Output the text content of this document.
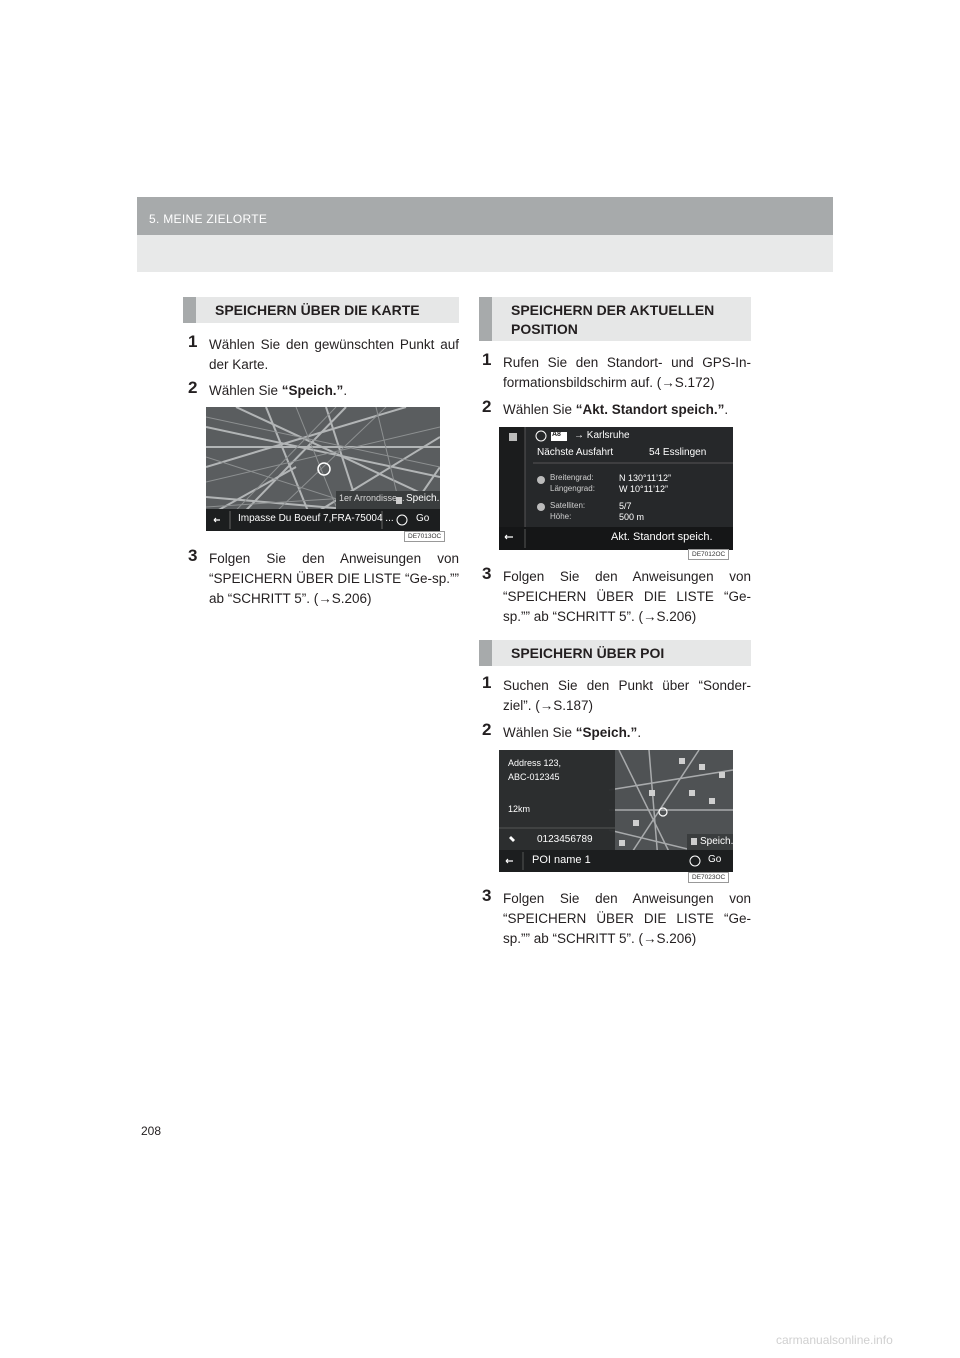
5. MEINE ZIELORTE
SPEICHERN ÜBER DIE KARTE
1 Wählen Sie den gewünschten Punkt auf der Karte.
2 Wählen Sie “Speich.”.
1er Arrondisse... Speich.
Impasse Du Boeuf 7,FRA-75004 ... Go
DE7013OC
3 Folgen Sie den Anweisungen von “SPEICHERN ÜBER DIE LISTE “Ge-sp.”” ab “SCHRITT 5”. (→S.206)
SPEICHERN DER AKTUELLEN POSITION
1 Rufen Sie den Standort- und GPS-In-formationsbildschirm auf. (→S.172)
2 Wählen Sie “Akt. Standort speich.”.
A8 → Karlsruhe
Nächste Ausfahrt	54 Esslingen
Breitengrad:	N 130°11’12”
Längengrad:	W 10°11’12”
Satelliten:	5/7
Höhe:	500 m
Akt. Standort speich.
DE7012OC
3 Folgen Sie den Anweisungen von “SPEICHERN ÜBER DIE LISTE “Ge-sp.”” ab “SCHRITT 5”. (→S.206)
SPEICHERN ÜBER POI
1 Suchen Sie den Punkt über “Sonder-ziel”. (→S.187)
2 Wählen Sie “Speich.”.
Address 123,
ABC-012345
12km
0123456789
POI name 1
Speich.
Go
DE7023OC
3 Folgen Sie den Anweisungen von “SPEICHERN ÜBER DIE LISTE “Ge-sp.”” ab “SCHRITT 5”. (→S.206)
208
carmanualsonline.info
